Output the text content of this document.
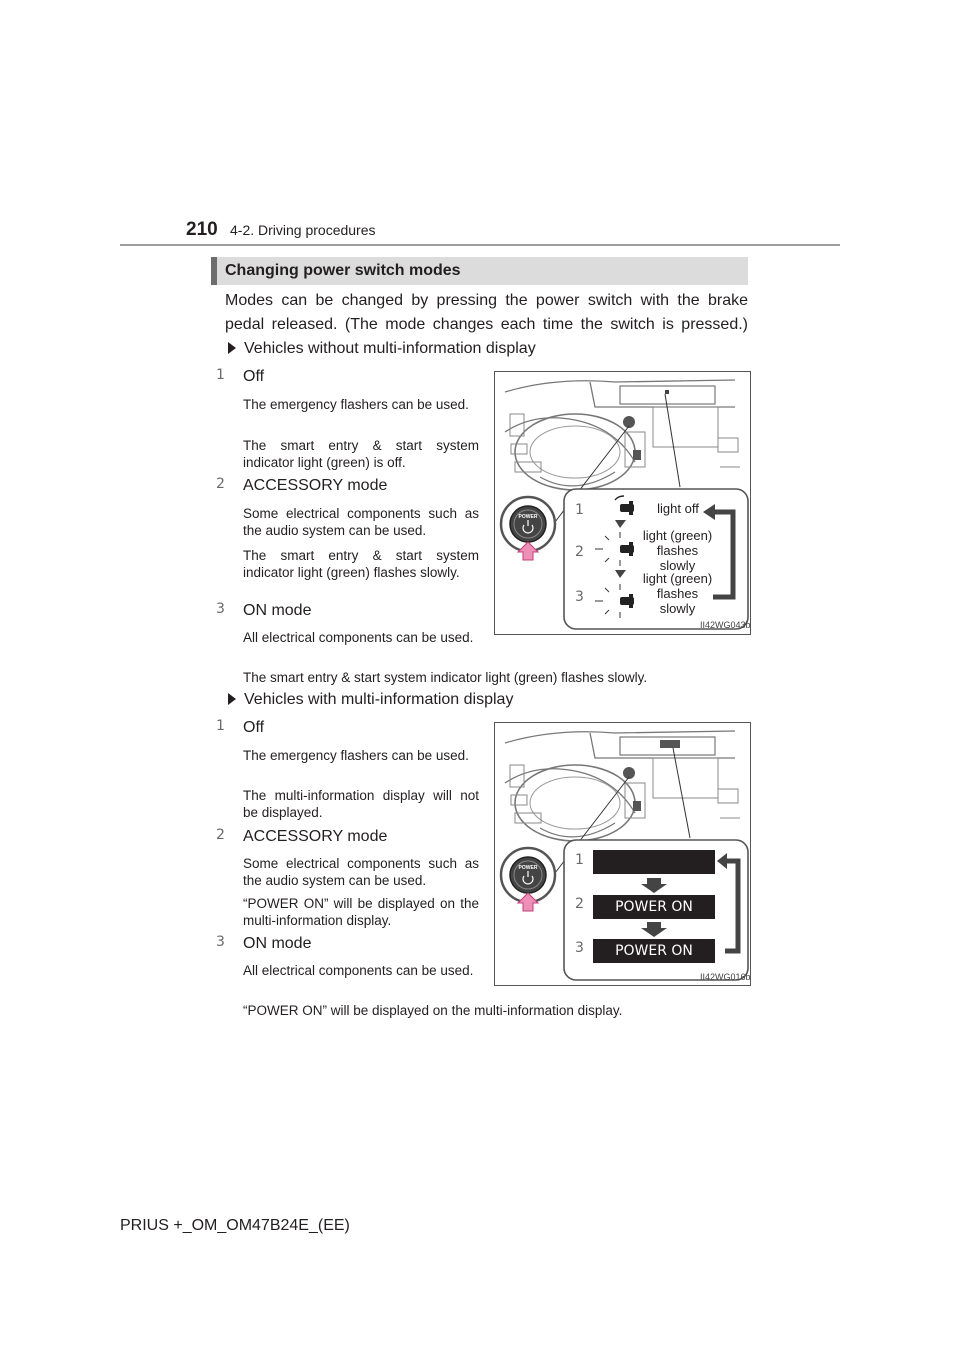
210 4-2. Driving procedures
Changing power switch modes
Modes can be changed by pressing the power switch with the brake
pedal released. (The mode changes each time the switch is pressed.)
Vehicles without multi-information display
1 Off
The emergency flashers can be used.
The smart entry & start system indicator light (green) is off.
2 ACCESSORY mode
Some electrical components such as the audio system can be used.
The smart entry & start system indicator light (green) flashes slowly.
3 ON mode
All electrical components can be used.
The smart entry & start system indicator light (green) flashes slowly.
POWER	1
2
3
light off
light (green)
flashes
slowly
light (green)
flashes
slowly
II42WG043b
Vehicles with multi-information display
1 Off
The emergency flashers can be used.
The multi-information display will not be displayed.
2 ACCESSORY mode
Some electrical components such as the audio system can be used.
“POWER ON” will be displayed on the multi-information display.
3 ON mode
All electrical components can be used.
“POWER ON” will be displayed on the multi-information display.
POWER	1
2
3
POWER ON
POWER ON
II42WG016b
PRIUS +_OM_OM47B24E_(EE)
